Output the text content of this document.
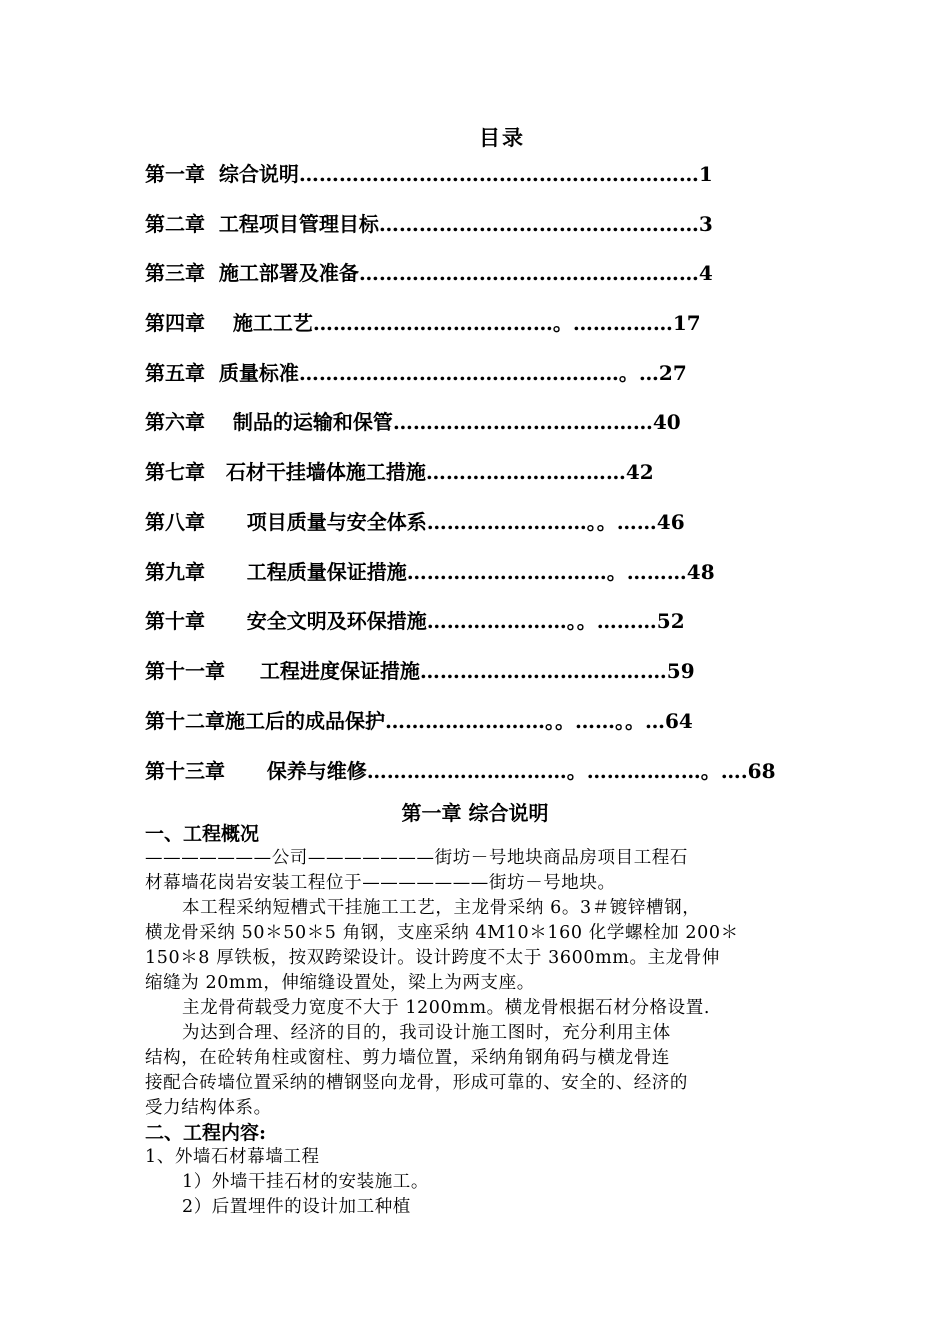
目录
第一章  综合说明……………………………………………………1
第二章  工程项目管理目标…………………………………………3
第三章  施工部署及准备……………………………………………4
第四章    施工工艺………………………………。……………17
第五章  质量标准…………………………………………。…27
第六章    制品的运输和保管…………………………………40
第七章   石材干挂墙体施工措施…………………………42
第八章      项目质量与安全体系……………………。。……46
第九章      工程质量保证措施…………………………。………48
第十章      安全文明及环保措施…………………。。………52
第十一章     工程进度保证措施…………………………….…59
第十二章施工后的成品保护……………………。。……。。…64
第十三章      保养与维修…………………………。…………..…。….68
第一章 综合说明
一、工程概况
———————公司———————街坊－号地块商品房项目工程石
材幕墙花岗岩安装工程位于———————街坊－号地块。
本工程采纳短槽式干挂施工工艺，主龙骨采纳 6。3＃镀锌槽钢，
横龙骨采纳 50＊50＊5 角钢，支座采纳 4M10＊160 化学螺栓加 200＊
150＊8 厚铁板，按双跨梁设计。设计跨度不太于 3600mm。主龙骨伸
缩缝为 20mm，伸缩缝设置处，梁上为两支座。
主龙骨荷载受力宽度不大于 1200mm。横龙骨根据石材分格设置.
为达到合理、经济的目的，我司设计施工图时，充分利用主体
结构，在砼转角柱或窗柱、剪力墙位置，采纳角钢角码与横龙骨连
接配合砖墙位置采纳的槽钢竖向龙骨，形成可靠的、安全的、经济的
受力结构体系。
二、工程内容:
1、外墙石材幕墙工程
1）外墙干挂石材的安装施工。
2）后置埋件的设计加工种植
